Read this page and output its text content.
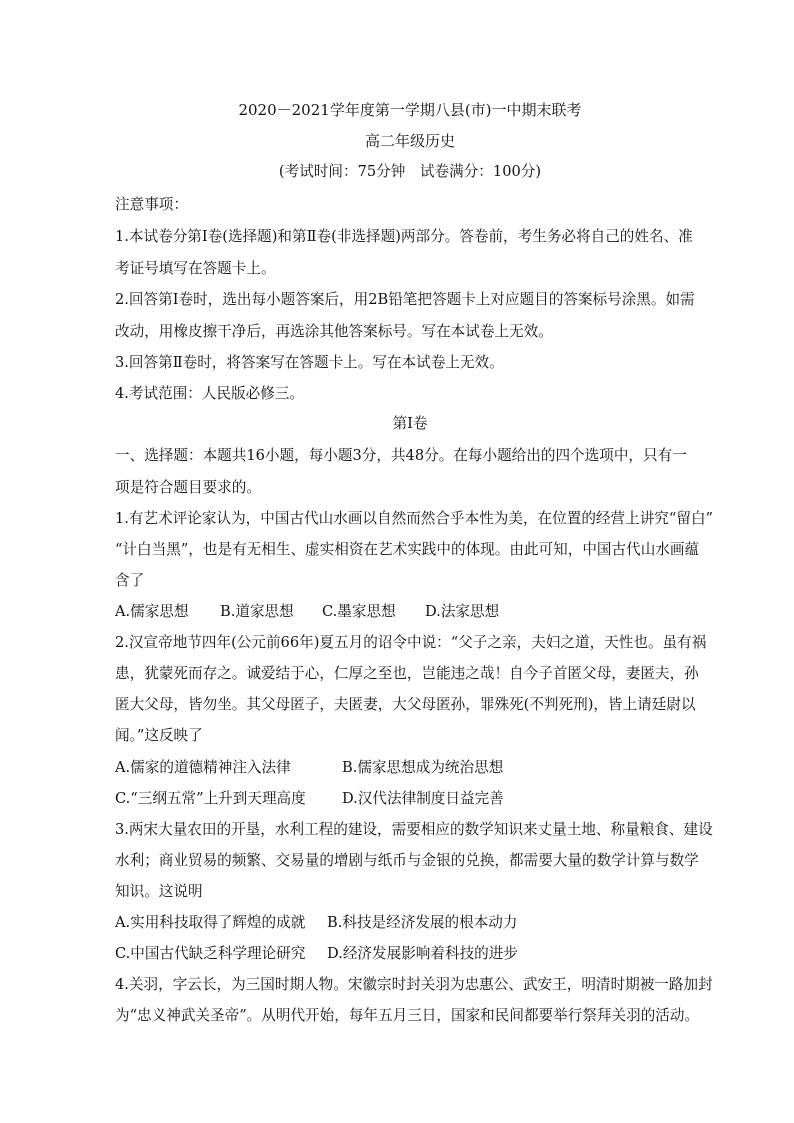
2020－2021学年度第一学期八县(市)一中期末联考
高二年级历史
(考试时间：75分钟　试卷满分：100分)
注意事项：
1.本试卷分第Ⅰ卷(选择题)和第Ⅱ卷(非选择题)两部分。答卷前，考生务必将自己的姓名、准
考证号填写在答题卡上。
2.回答第Ⅰ卷时，选出每小题答案后，用2B铅笔把答题卡上对应题目的答案标号涂黑。如需
改动，用橡皮擦干净后，再选涂其他答案标号。写在本试卷上无效。
3.回答第Ⅱ卷时，将答案写在答题卡上。写在本试卷上无效。
4.考试范围：人民版必修三。
第Ⅰ卷
一、选择题：本题共16小题，每小题3分，共48分。在每小题给出的四个选项中，只有一
项是符合题目要求的。
1.有艺术评论家认为，中国古代山水画以自然而然合乎本性为美，在位置的经营上讲究“留白”
“计白当黑”，也是有无相生、虚实相资在艺术实践中的体现。由此可知，中国古代山水画蕴
含了
A.儒家思想 B.道家思想 C.墨家思想 D.法家思想
2.汉宣帝地节四年(公元前66年)夏五月的诏令中说：“父子之亲，夫妇之道，天性也。虽有祸
患，犹蒙死而存之。诚爱结于心，仁厚之至也，岂能违之哉！自今子首匿父母，妻匿夫，孙
匿大父母，皆勿坐。其父母匿子，夫匿妻，大父母匿孙，罪殊死(不判死刑)，皆上请廷尉以
闻。”这反映了
A.儒家的道德精神注入法律	B.儒家思想成为统治思想
C.“三纲五常”上升到天理高度 D.汉代法律制度日益完善
3.两宋大量农田的开垦，水利工程的建设，需要相应的数学知识来丈量土地、称量粮食、建设
水利；商业贸易的频繁、交易量的增剧与纸币与金银的兑换，都需要大量的数学计算与数学
知识。这说明
A.实用科技取得了辉煌的成就 B.科技是经济发展的根本动力
C.中国古代缺乏科学理论研究 D.经济发展影响着科技的进步
4.关羽，字云长，为三国时期人物。宋徽宗时封关羽为忠惠公、武安王，明清时期被一路加封
为“忠义神武关圣帝”。从明代开始，每年五月三日，国家和民间都要举行祭拜关羽的活动。
